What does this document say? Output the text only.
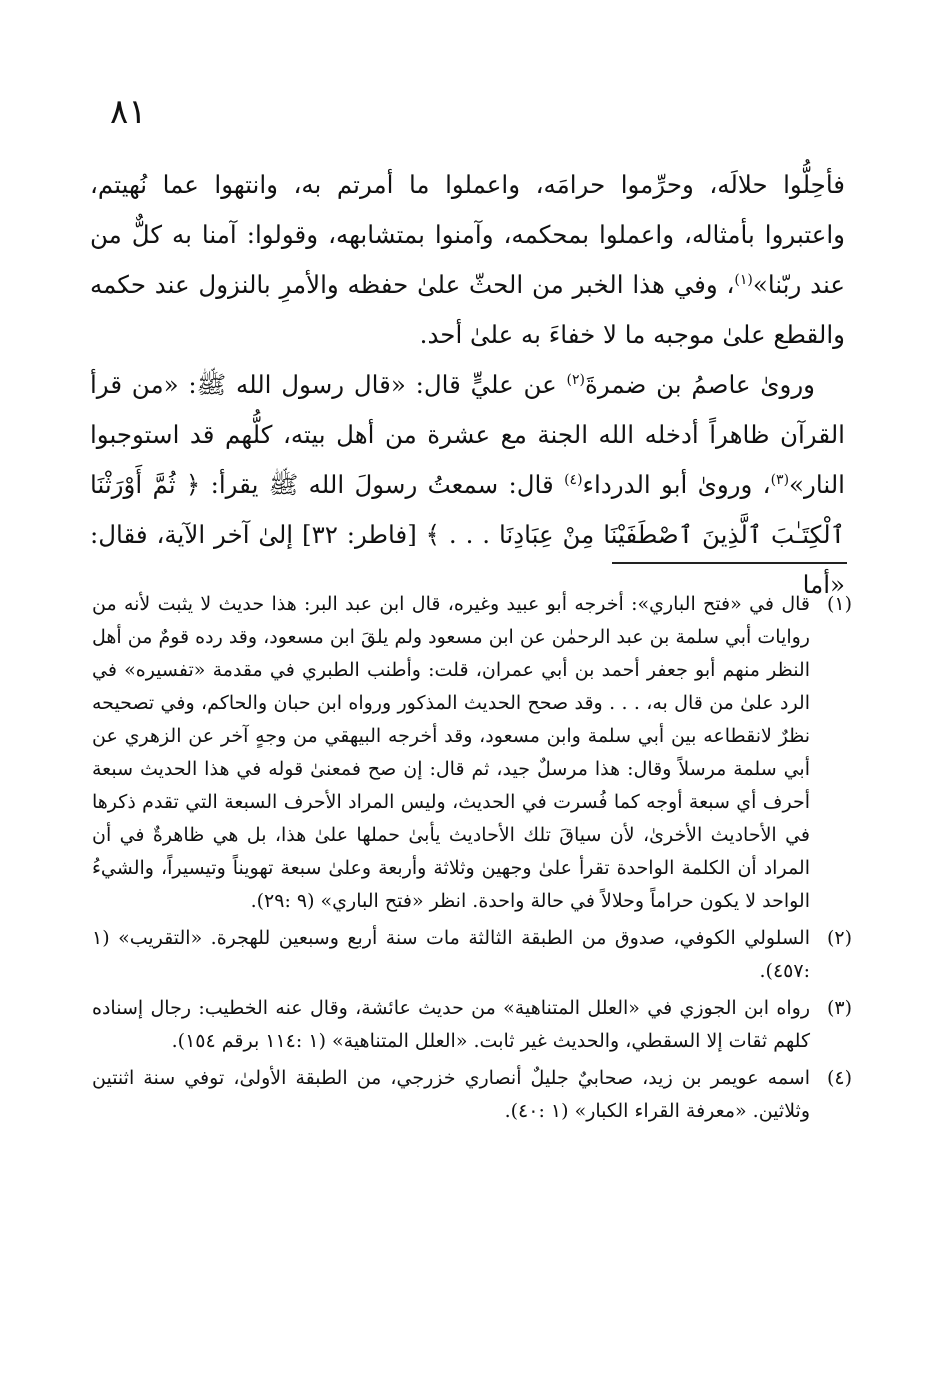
٨١

فأحِلُّوا حلالَه، وحرِّموا حرامَه، واعملوا ما أمرتم به، وانتهوا عما نُهيتم، واعتبروا بأمثاله، واعملوا بمحكمه، وآمنوا بمتشابهه، وقولوا: آمنا به كلٌّ من عند ربّنا»$^{(١)}$، وفي هذا الخبر من الحثّ علىٰ حفظه والأمرِ بالنزول عند حكمه والقطع علىٰ موجبه ما لا خفاءَ به علىٰ أحد.

ورویٰ عاصمُ بن ضمرةَ$^{(٢)}$ عن عليٍّ قال: «قال رسول الله ﷺ: «من قرأ القرآن ظاهراً أدخله الله الجنة مع عشرة من أهل بيته، كلُّهم قد استوجبوا النار»$^{(٣)}$، ورویٰ أبو الدرداء$^{(٤)}$ قال: سمعتُ رسولَ الله ﷺ يقرأ: ﴿ ثُمَّ أَوْرَثْنَا ٱلْكِتَـٰبَ ٱلَّذِينَ ٱصْطَفَيْنَا مِنْ عِبَادِنَا . . . ﴾ [فاطر: ٣٢] إلىٰ آخر الآية، فقال: «أما

(١)
قال في «فتح الباري»: أخرجه أبو عبيد وغيره، قال ابن عبد البر: هذا حديث لا يثبت لأنه من روايات أبي سلمة بن عبد الرحمٰن عن ابن مسعود ولم يلقَ ابن مسعود، وقد رده قومٌ من أهل النظر منهم أبو جعفر أحمد بن أبي عمران، قلت: وأطنب الطبري في مقدمة «تفسيره» في الرد علىٰ من قال به، . . . وقد صحح الحديث المذكور ورواه ابن حبان والحاكم، وفي تصحيحه نظرٌ لانقطاعه بين أبي سلمة وابن مسعود، وقد أخرجه البيهقي من وجهٍ آخر عن الزهري عن أبي سلمة مرسلاً وقال: هذا مرسلٌ جيد، ثم قال: إن صح فمعنىٰ قوله في هذا الحديث سبعة أحرف أي سبعة أوجه كما فُسرت في الحديث، وليس المراد الأحرف السبعة التي تقدم ذكرها في الأحاديث الأخرىٰ، لأن سياقَ تلك الأحاديث يأبىٰ حملها علىٰ هذا، بل هي ظاهرةٌ في أن المراد أن الكلمة الواحدة تقرأ علىٰ وجهين وثلاثة وأربعة وعلىٰ سبعة تهويناً وتيسيراً، والشيءُ الواحد لا يكون حراماً وحلالاً في حالة واحدة. انظر «فتح الباري» (٩ :٢٩).
(٢)
السلولي الكوفي، صدوق من الطبقة الثالثة مات سنة أربع وسبعين للهجرة. «التقريب» (١ :٤٥٧).
(٣)
رواه ابن الجوزي في «العلل المتناهية» من حديث عائشة، وقال عنه الخطيب: رجال إسناده كلهم ثقات إلا السقطي، والحديث غير ثابت. «العلل المتناهية» (١ :١١٤ برقم ١٥٤).
(٤)
اسمه عويمر بن زيد، صحابيٌ جليلٌ أنصاري خزرجي، من الطبقة الأولىٰ، توفي سنة اثنتين وثلاثين. «معرفة القراء الكبار» (١ :٤٠).
